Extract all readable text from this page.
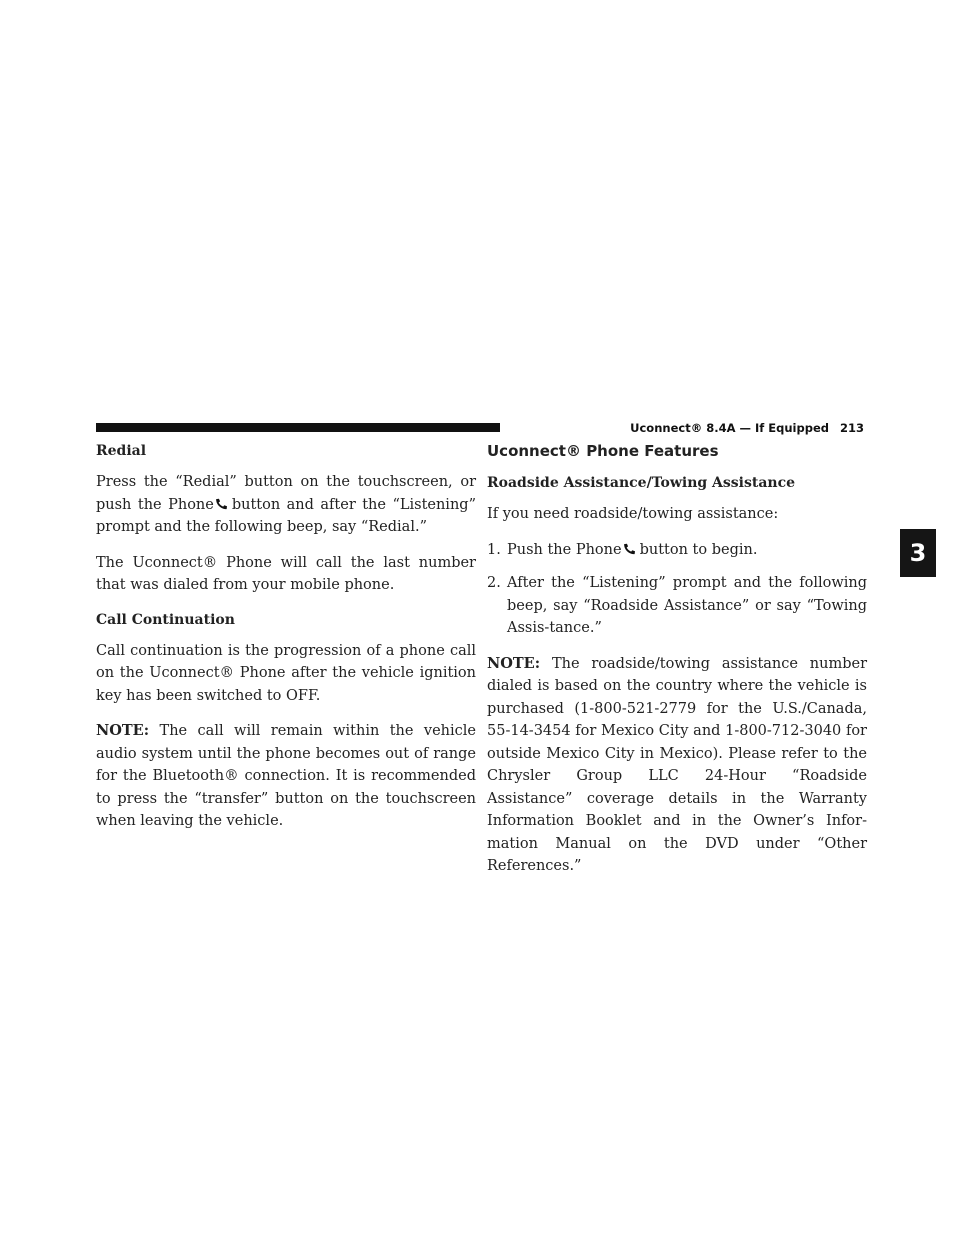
Uconnect® 8.4A — If Equipped 213
3
Redial

Press the “Redial” button on the touchscreen, or push the Phone button and after the “Listening” prompt and the following beep, say “Redial.”

The Uconnect® Phone will call the last number that was dialed from your mobile phone.

Call Continuation

Call continuation is the progression of a phone call on the Uconnect® Phone after the vehicle ignition key has been switched to OFF.

NOTE: The call will remain within the vehicle audio system until the phone becomes out of range for the Bluetooth® connection. It is recommended to press the “transfer” button on the touchscreen when leaving the vehicle.

Uconnect® Phone Features
Roadside Assistance/Towing Assistance

If you need roadside/towing assistance:

1. Push the Phone button to begin.
2. After the “Listening” prompt and the following beep, say “Roadside Assistance” or say “Towing Assis-tance.”

NOTE: The roadside/towing assistance number dialed is based on the country where the vehicle is purchased (1-800-521-2779 for the U.S./Canada, 55-14-3454 for Mexico City and 1-800-712-3040 for outside Mexico City in Mexico). Please refer to the Chrysler Group LLC 24-Hour “Roadside Assistance” coverage details in the Warranty Information Booklet and in the Owner’s Infor-mation Manual on the DVD under “Other References.”
